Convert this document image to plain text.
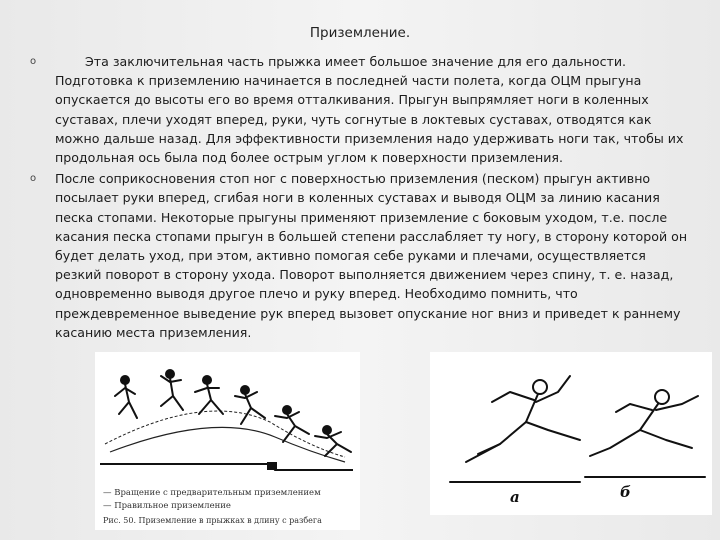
Приземление.
o	Эта заключительная часть прыжка имеет большое значение для его дальности. Подготовка к приземлению начинается в последней части полета, когда ОЦМ прыгуна опускается до высоты его во время отталкивания. Прыгун выпрямляет ноги в коленных суставах, плечи уходят вперед, руки, чуть согнутые в локтевых суставах, отводятся как можно дальше назад. Для эффективности приземления надо удерживать ноги так, чтобы их продольная ось была под более острым углом к поверхности приземления.
o После соприкосновения стоп ног с поверхностью приземления (песком) прыгун активно посылает руки вперед, сгибая ноги в коленных суставах и выводя ОЦМ за линию касания песка стопами. Некоторые прыгуны применяют приземление с боковым уходом, т.е. после касания песка стопами прыгун в большей степени расслабляет ту ногу, в сторону которой он будет делать уход, при этом, активно помогая себе руками и плечами, осуществляется резкий поворот в сторону ухода. Поворот выполняется движением через спину, т. е. назад, одновременно выводя другое плечо и руку вперед. Необходимо помнить, что преждевременное выведение рук вперед вызовет опускание ног вниз и приведет к раннему касанию места приземления.
— Вращение с предварительным приземлением
— Правильное приземление
Рис. 50. Приземление в прыжках в длину с разбега
а	б
